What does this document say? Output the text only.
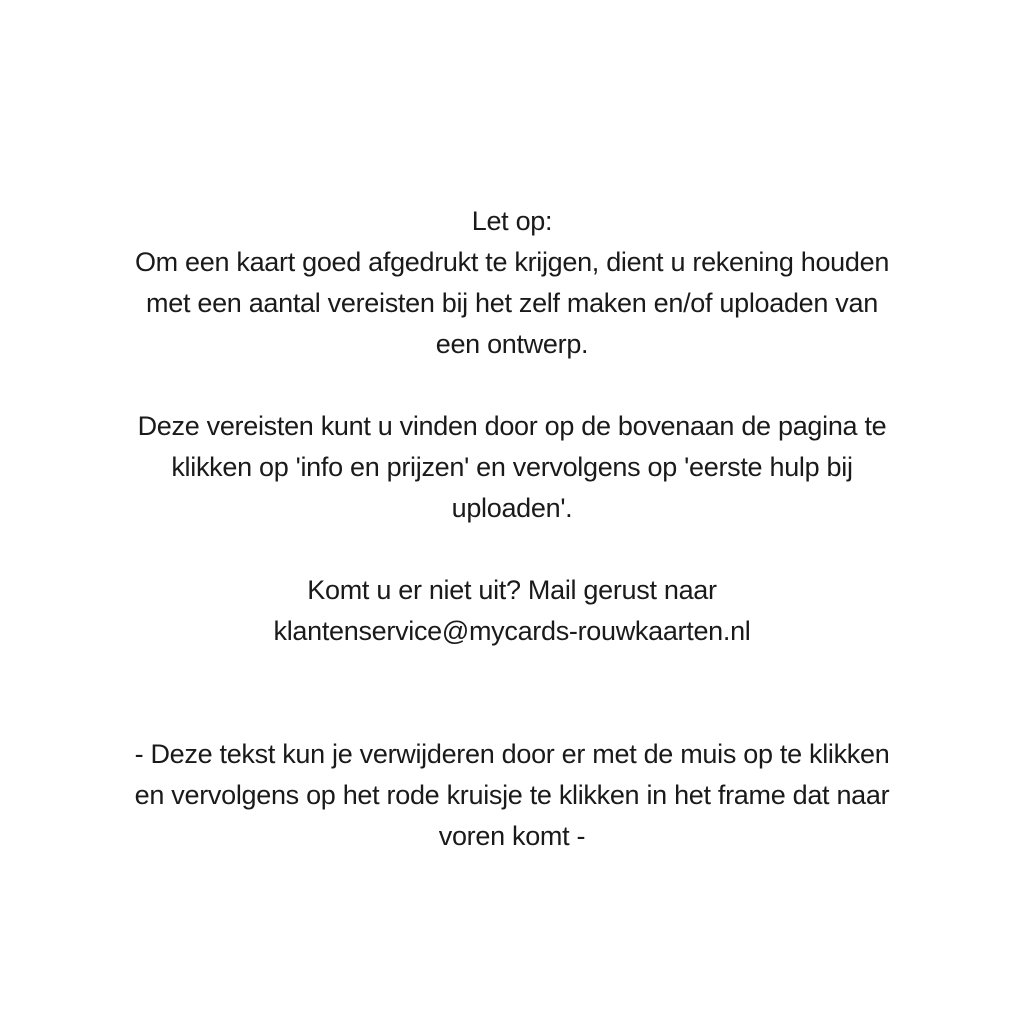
Let op:
Om een kaart goed afgedrukt te krijgen, dient u rekening houden
met een aantal vereisten bij het zelf maken en/of uploaden van
een ontwerp.
Deze vereisten kunt u vinden door op de bovenaan de pagina te
klikken op 'info en prijzen' en vervolgens op 'eerste hulp bij
uploaden'.
Komt u er niet uit? Mail gerust naar
klantenservice@mycards-rouwkaarten.nl
- Deze tekst kun je verwijderen door er met de muis op te klikken
en vervolgens op het rode kruisje te klikken in het frame dat naar
voren komt -
